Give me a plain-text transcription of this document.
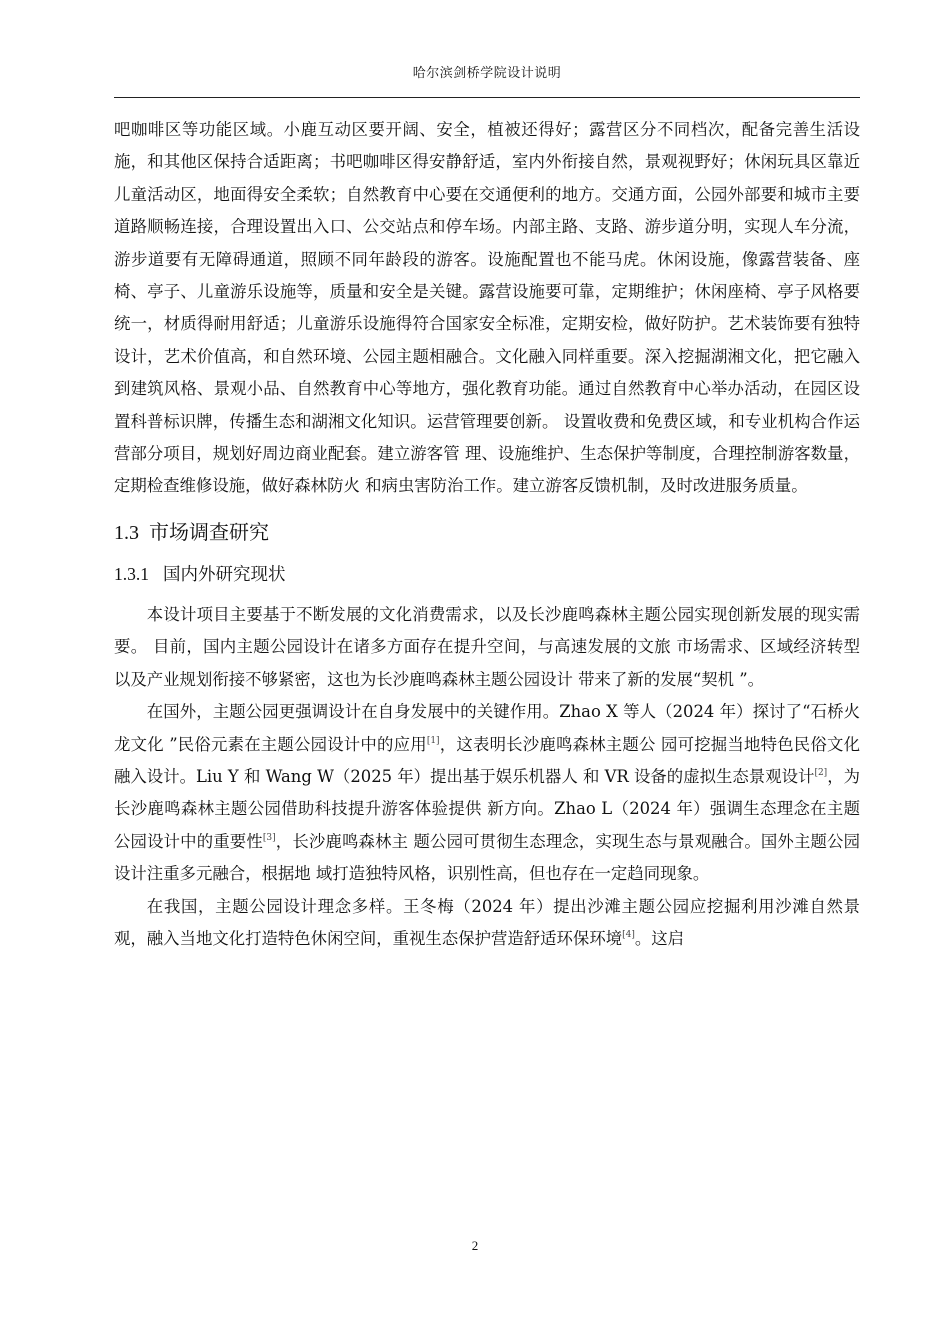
哈尔滨剑桥学院设计说明

吧咖啡区等功能区域。小鹿互动区要开阔、安全，植被还得好；露营区分不同档次，配备完善生活设施，和其他区保持合适距离；书吧咖啡区得安静舒适，室内外衔接自然，景观视野好；休闲玩具区靠近儿童活动区，地面得安全柔软；自然教育中心要在交通便利的地方。交通方面，公园外部要和城市主要道路顺畅连接，合理设置出入口、公交站点和停车场。内部主路、支路、游步道分明，实现人车分流，游步道要有无障碍通道，照顾不同年龄段的游客。设施配置也不能马虎。休闲设施，像露营装备、座椅、亭子、儿童游乐设施等，质量和安全是关键。露营设施要可靠，定期维护；休闲座椅、亭子风格要统一，材质得耐用舒适；儿童游乐设施得符合国家安全标准，定期安检，做好防护。艺术装饰要有独特设计，艺术价值高，和自然环境、公园主题相融合。文化融入同样重要。深入挖掘湖湘文化，把它融入到建筑风格、景观小品、自然教育中心等地方，强化教育功能。通过自然教育中心举办活动，在园区设置科普标识牌，传播生态和湖湘文化知识。运营管理要创新。 设置收费和免费区域，和专业机构合作运营部分项目，规划好周边商业配套。建立游客管 理、设施维护、生态保护等制度，合理控制游客数量，定期检查维修设施，做好森林防火 和病虫害防治工作。建立游客反馈机制，及时改进服务质量。

1.3 市场调查研究
1.3.1 国内外研究现状

本设计项目主要基于不断发展的文化消费需求，以及长沙鹿鸣森林主题公园实现创新发展的现实需要。 目前，国内主题公园设计在诸多方面存在提升空间，与高速发展的文旅 市场需求、区域经济转型以及产业规划衔接不够紧密，这也为长沙鹿鸣森林主题公园设计 带来了新的发展“契机 ”。

在国外，主题公园更强调设计在自身发展中的关键作用。Zhao X 等人（2024 年）探讨了“石桥火龙文化 ”民俗元素在主题公园设计中的应用[1]，这表明长沙鹿鸣森林主题公 园可挖掘当地特色民俗文化融入设计。Liu Y 和 Wang W（2025 年）提出基于娱乐机器人 和 VR 设备的虚拟生态景观设计[2]，为长沙鹿鸣森林主题公园借助科技提升游客体验提供 新方向。Zhao L（2024 年）强调生态理念在主题公园设计中的重要性[3]，长沙鹿鸣森林主 题公园可贯彻生态理念，实现生态与景观融合。国外主题公园设计注重多元融合，根据地 域打造独特风格，识别性高，但也存在一定趋同现象。

在我国，主题公园设计理念多样。王冬梅（2024 年）提出沙滩主题公园应挖掘利用沙滩自然景观，融入当地文化打造特色休闲空间，重视生态保护营造舒适环保环境[4]。这启

2
